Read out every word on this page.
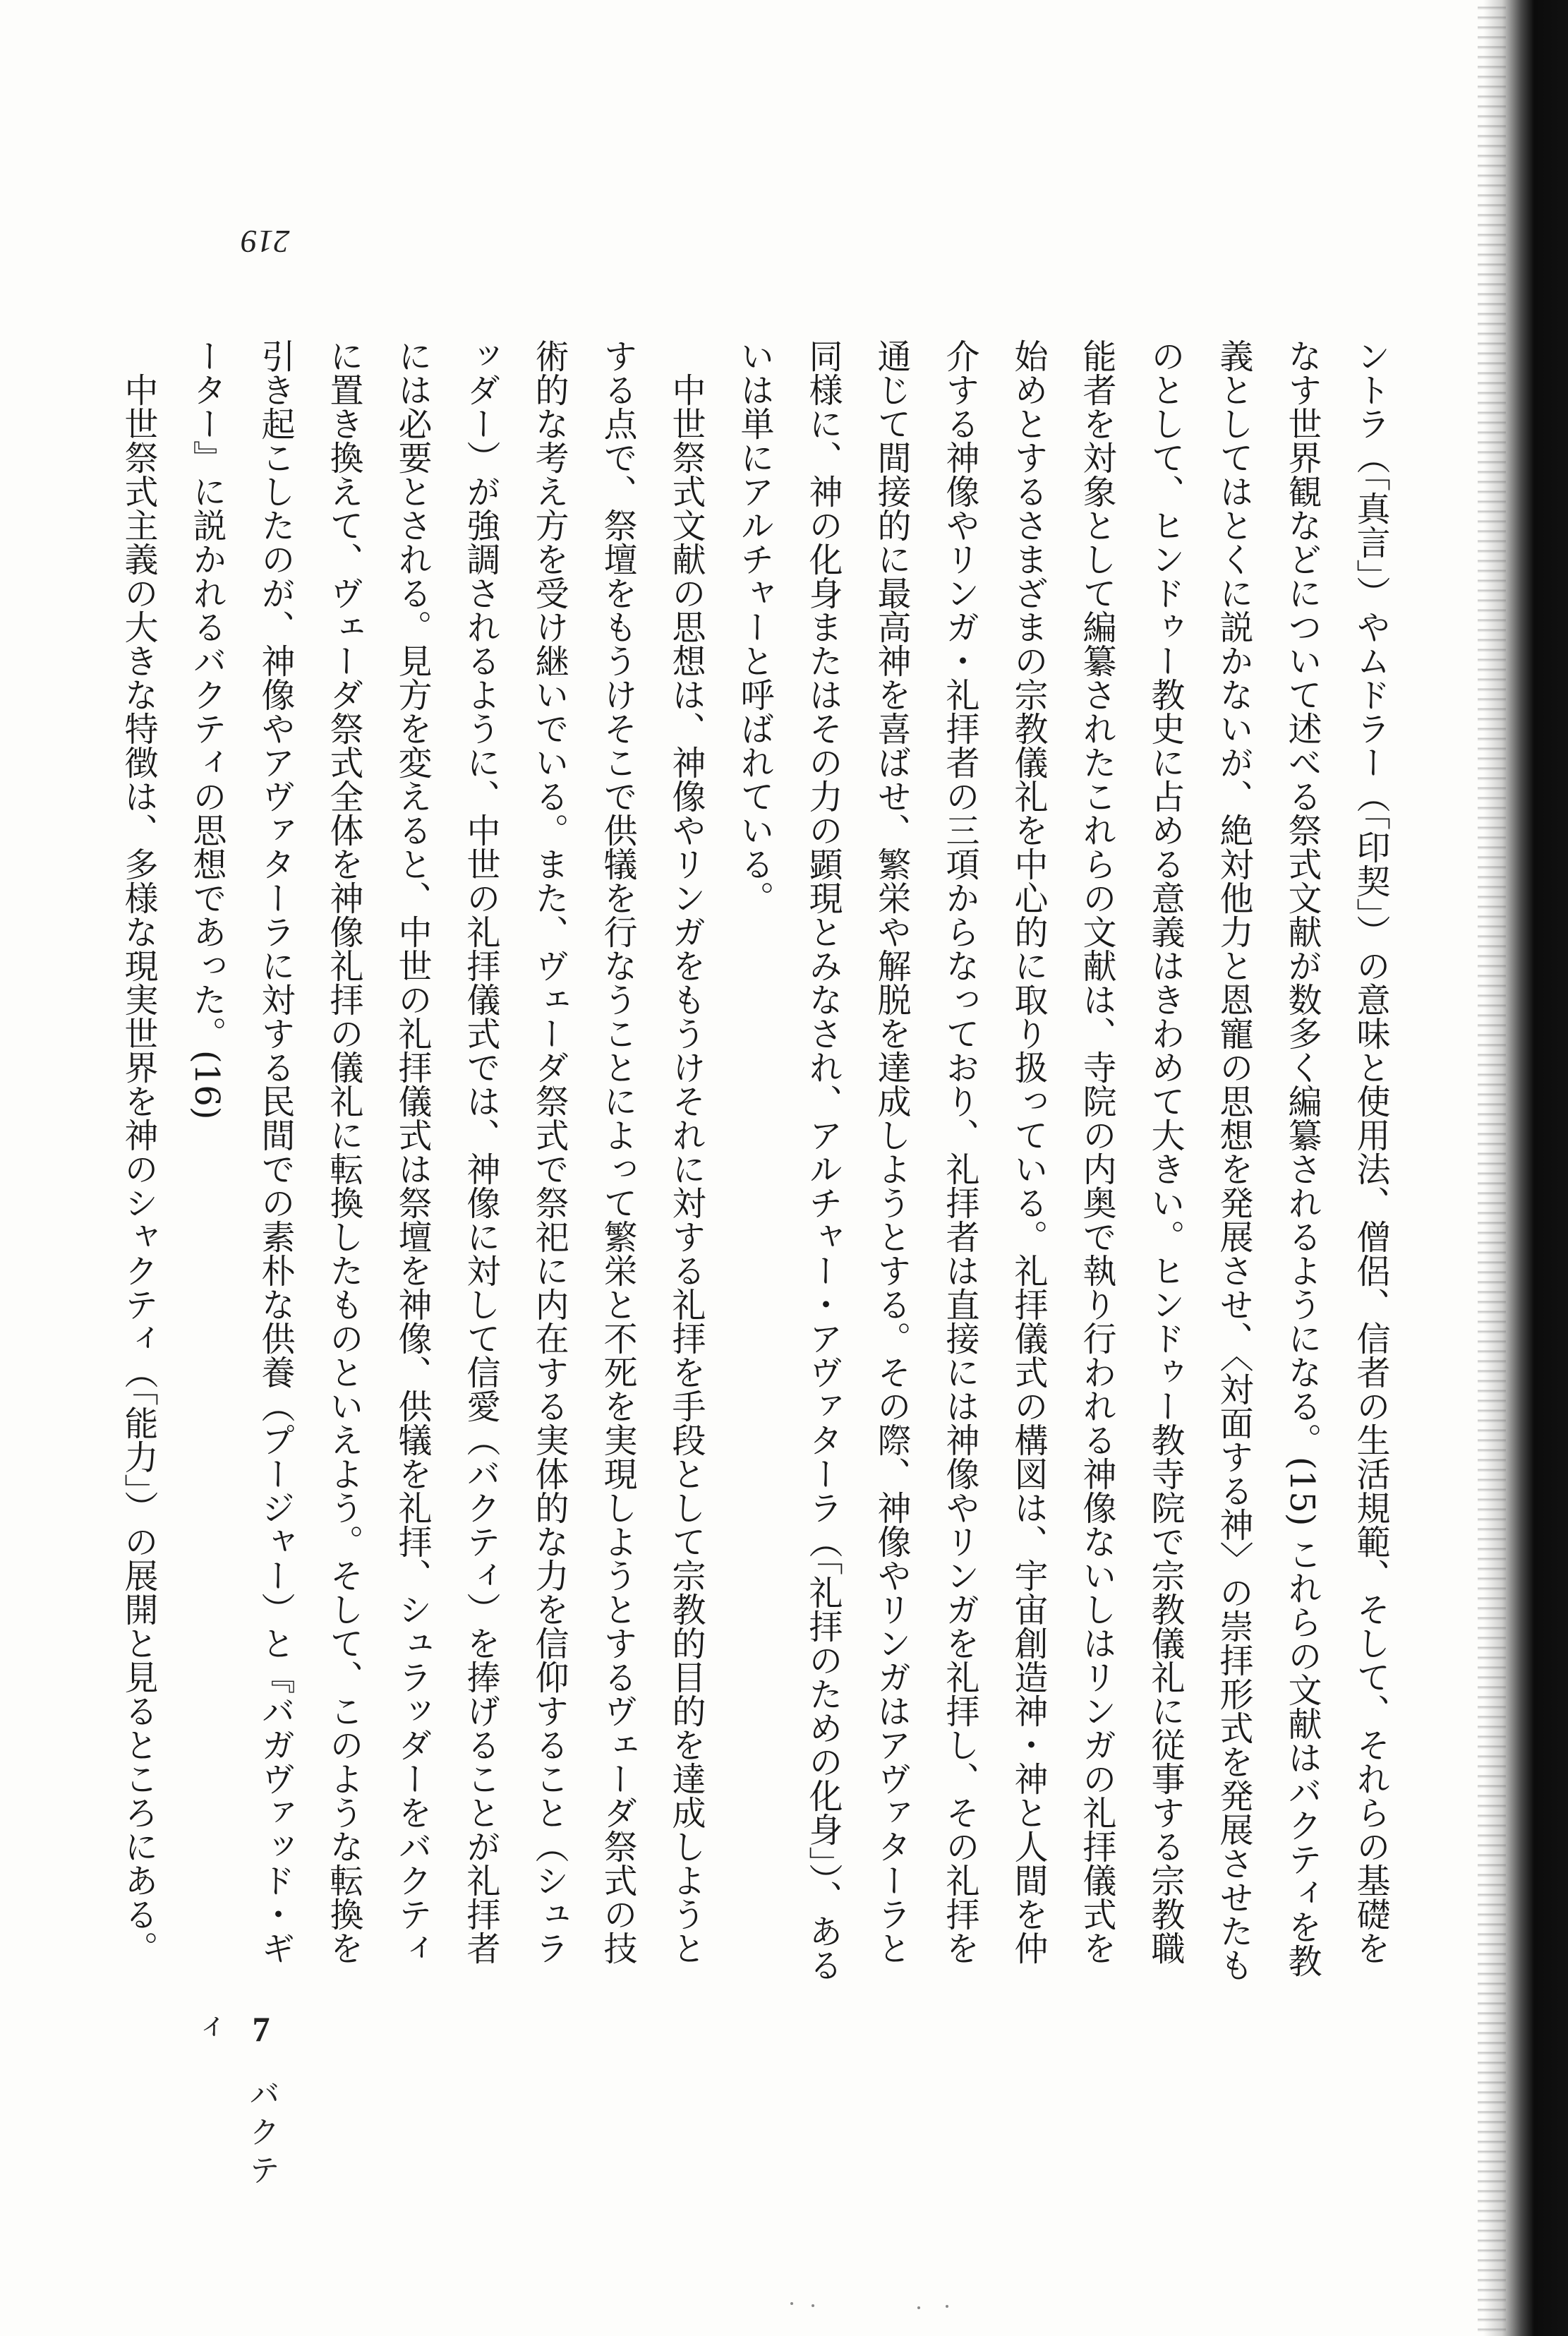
219

ントラ（「真言」）やムドラー（「印契」）の意味と使用法、僧侶、信者の生活規範、そして、それらの基礎をなす世界観などについて述べる祭式文献が数多く編纂されるようになる。(15) これらの文献はバクティを教義としてはとくに説かないが、絶対他力と恩寵の思想を発展させ、〈対面する神〉の崇拝形式を発展させたものとして、ヒンドゥー教史に占める意義はきわめて大きい。ヒンドゥー教寺院で宗教儀礼に従事する宗教職能者を対象として編纂されたこれらの文献は、寺院の内奥で執り行われる神像ないしはリンガの礼拝儀式を始めとするさまざまの宗教儀礼を中心的に取り扱っている。礼拝儀式の構図は、宇宙創造神・神と人間を仲介する神像やリンガ・礼拝者の三項からなっており、礼拝者は直接には神像やリンガを礼拝し、その礼拝を通じて間接的に最高神を喜ばせ、繁栄や解脱を達成しようとする。その際、神像やリンガはアヴァターラと同様に、神の化身またはその力の顕現とみなされ、アルチャー・アヴァターラ（「礼拝のための化身」）、あるいは単にアルチャーと呼ばれている。

中世祭式文献の思想は、神像やリンガをもうけそれに対する礼拝を手段として宗教的目的を達成しようとする点で、祭壇をもうけそこで供犠を行なうことによって繁栄と不死を実現しようとするヴェーダ祭式の技術的な考え方を受け継いでいる。また、ヴェーダ祭式で祭祀に内在する実体的な力を信仰すること（シュラッダー）が強調されるように、中世の礼拝儀式では、神像に対して信愛（バクティ）を捧げることが礼拝者には必要とされる。見方を変えると、中世の礼拝儀式は祭壇を神像、供犠を礼拝、シュラッダーをバクティに置き換えて、ヴェーダ祭式全体を神像礼拝の儀礼に転換したものといえよう。そして、このような転換を引き起こしたのが、神像やアヴァターラに対する民間での素朴な供養（プージャー）と『バガヴァッド・ギーター』に説かれるバクティの思想であった。(16)

中世祭式主義の大きな特徴は、多様な現実世界を神のシャクティ（「能力」）の展開と見るところにある。

7 バクティ
